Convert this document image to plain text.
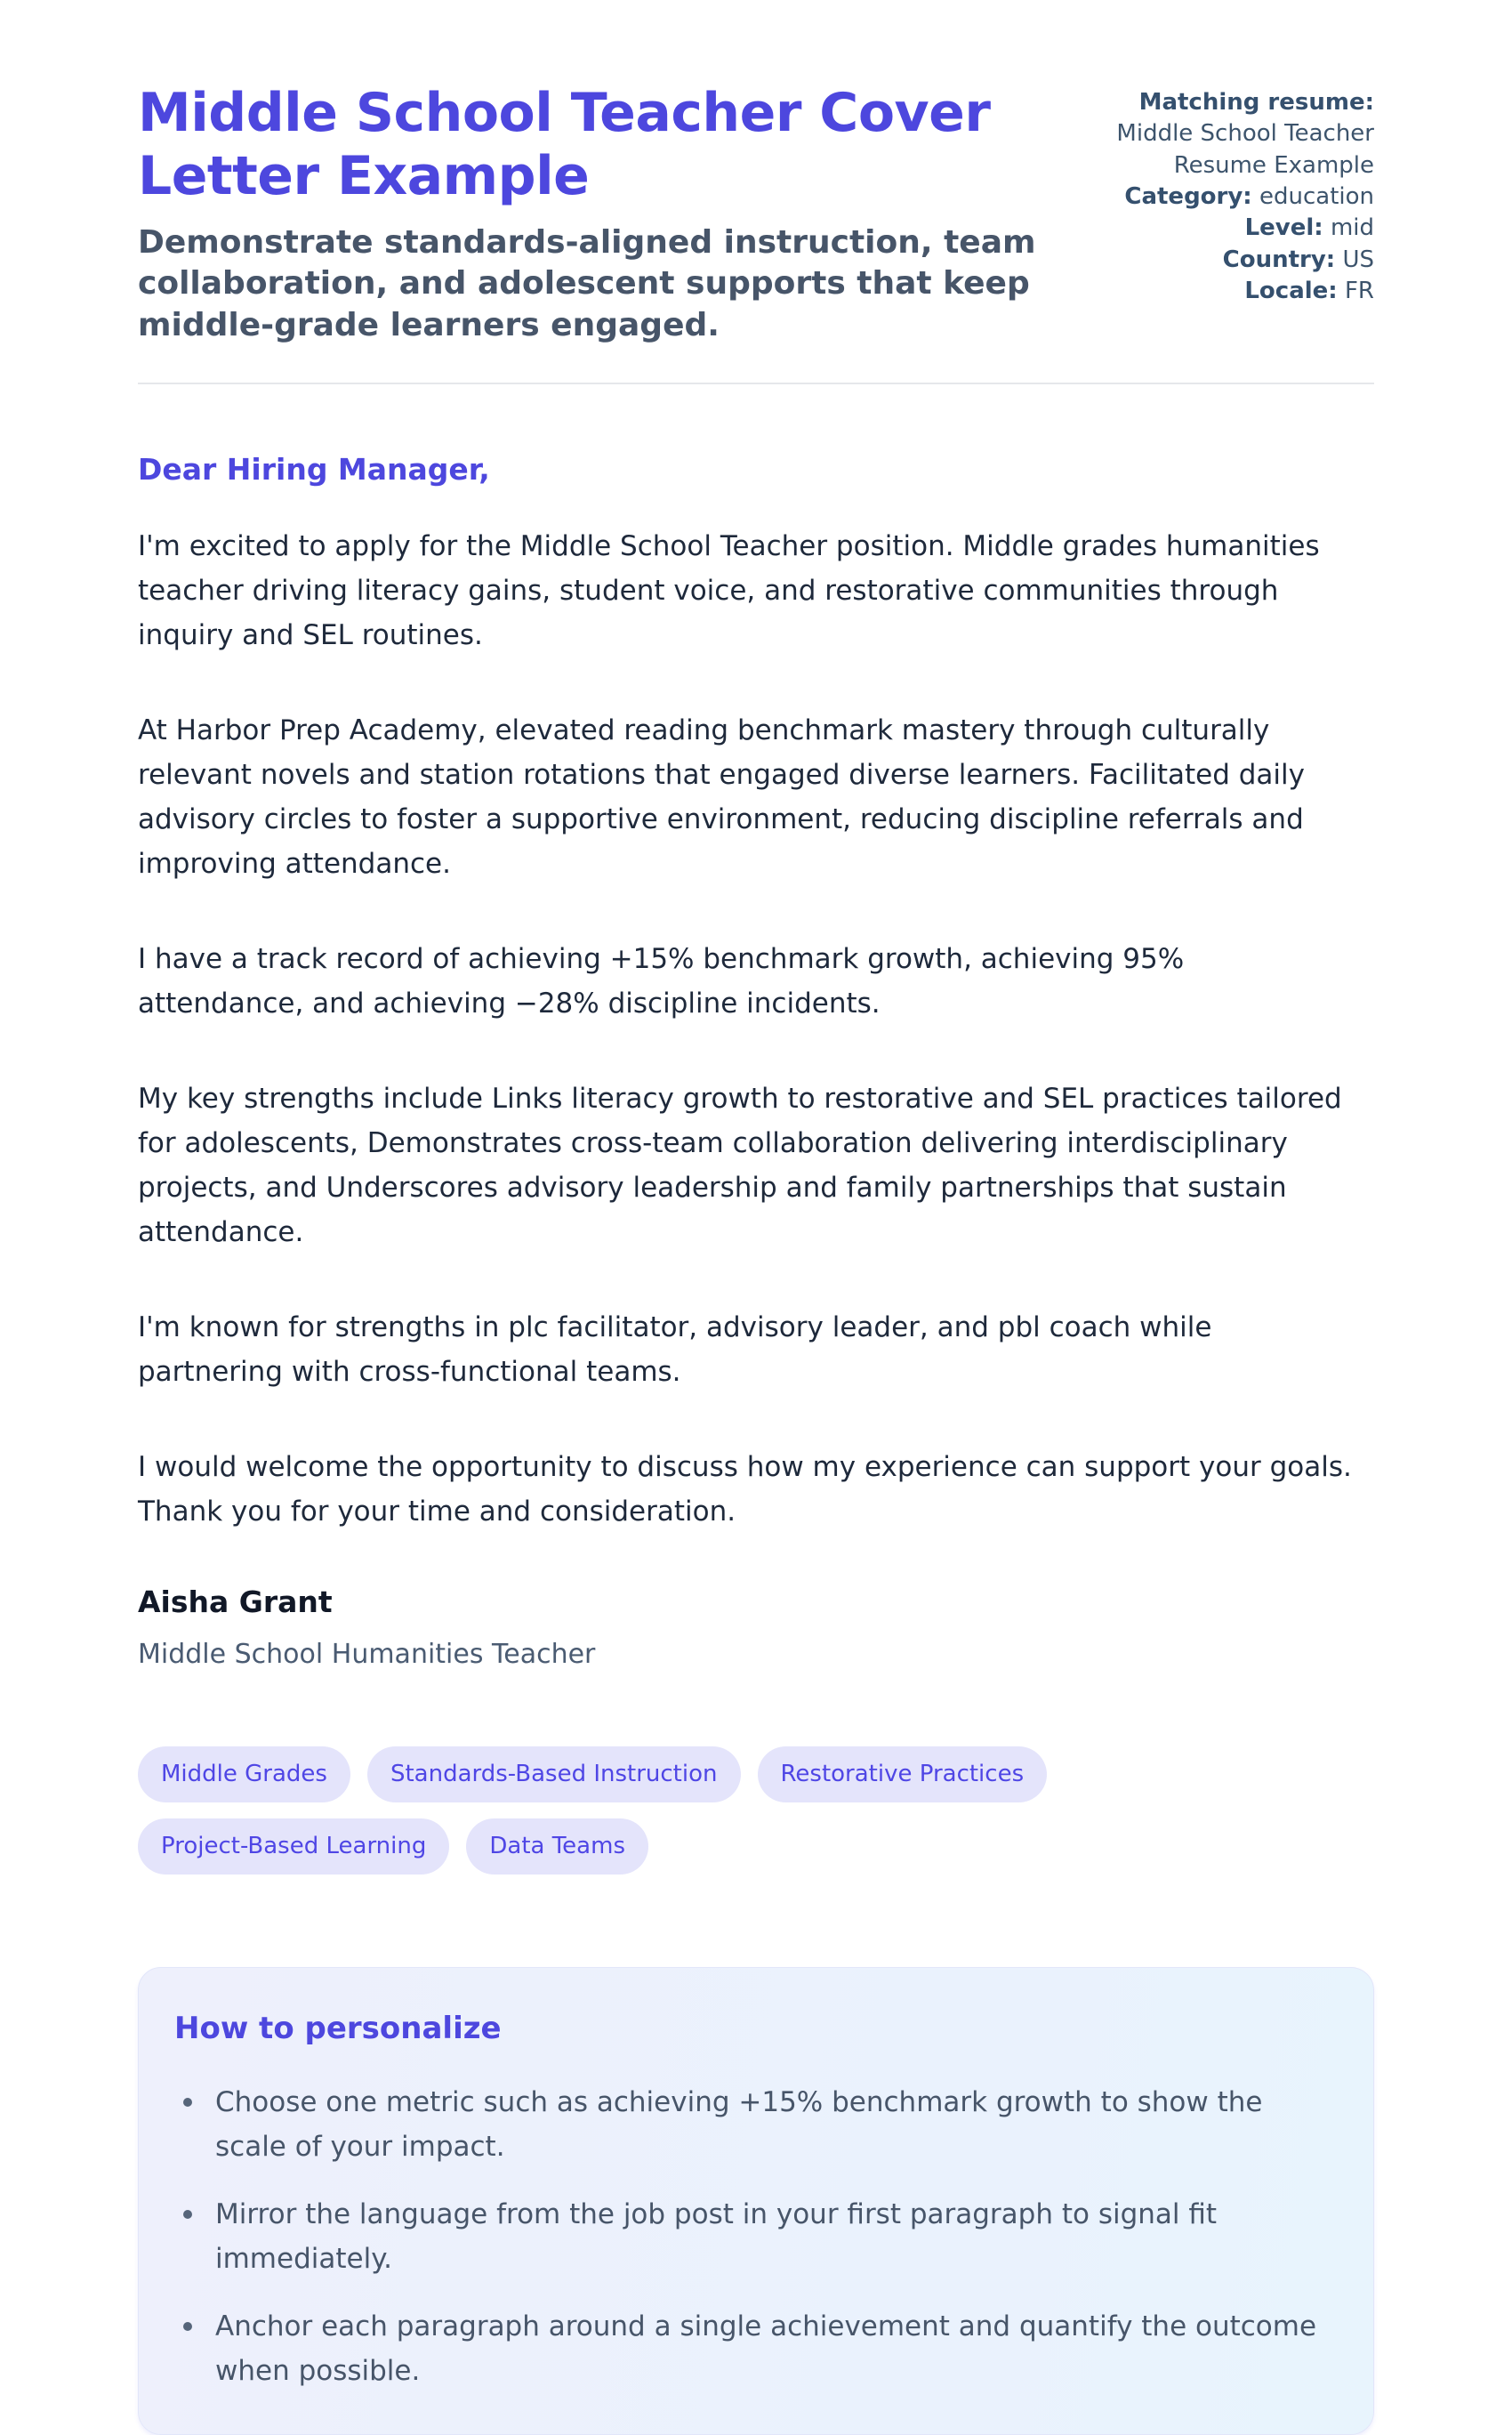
Middle School Teacher Cover Letter Example

Demonstrate standards-aligned instruction, team collaboration, and adolescent supports that keep middle-grade learners engaged.

Matching resume: Middle School Teacher Resume Example
Category: education
Level: mid
Country: US
Locale: FR
Dear Hiring Manager,

I'm excited to apply for the Middle School Teacher position. Middle grades humanities teacher driving literacy gains, student voice, and restorative communities through inquiry and SEL routines.

At Harbor Prep Academy, elevated reading benchmark mastery through culturally relevant novels and station rotations that engaged diverse learners. Facilitated daily advisory circles to foster a supportive environment, reducing discipline referrals and improving attendance.

I have a track record of achieving +15% benchmark growth, achieving 95% attendance, and achieving −28% discipline incidents.

My key strengths include Links literacy growth to restorative and SEL practices tailored for adolescents, Demonstrates cross-team collaboration delivering interdisciplinary projects, and Underscores advisory leadership and family partnerships that sustain attendance.

I'm known for strengths in plc facilitator, advisory leader, and pbl coach while partnering with cross-functional teams.

I would welcome the opportunity to discuss how my experience can support your goals. Thank you for your time and consideration.

Aisha Grant
Middle School Humanities Teacher
Middle Grades	Standards-Based Instruction	Restorative Practices
Project-Based Learning	Data Teams
How to personalize
Choose one metric such as achieving +15% benchmark growth to show the scale of your impact.
Mirror the language from the job post in your first paragraph to signal fit immediately.
Anchor each paragraph around a single achievement and quantify the outcome when possible.
